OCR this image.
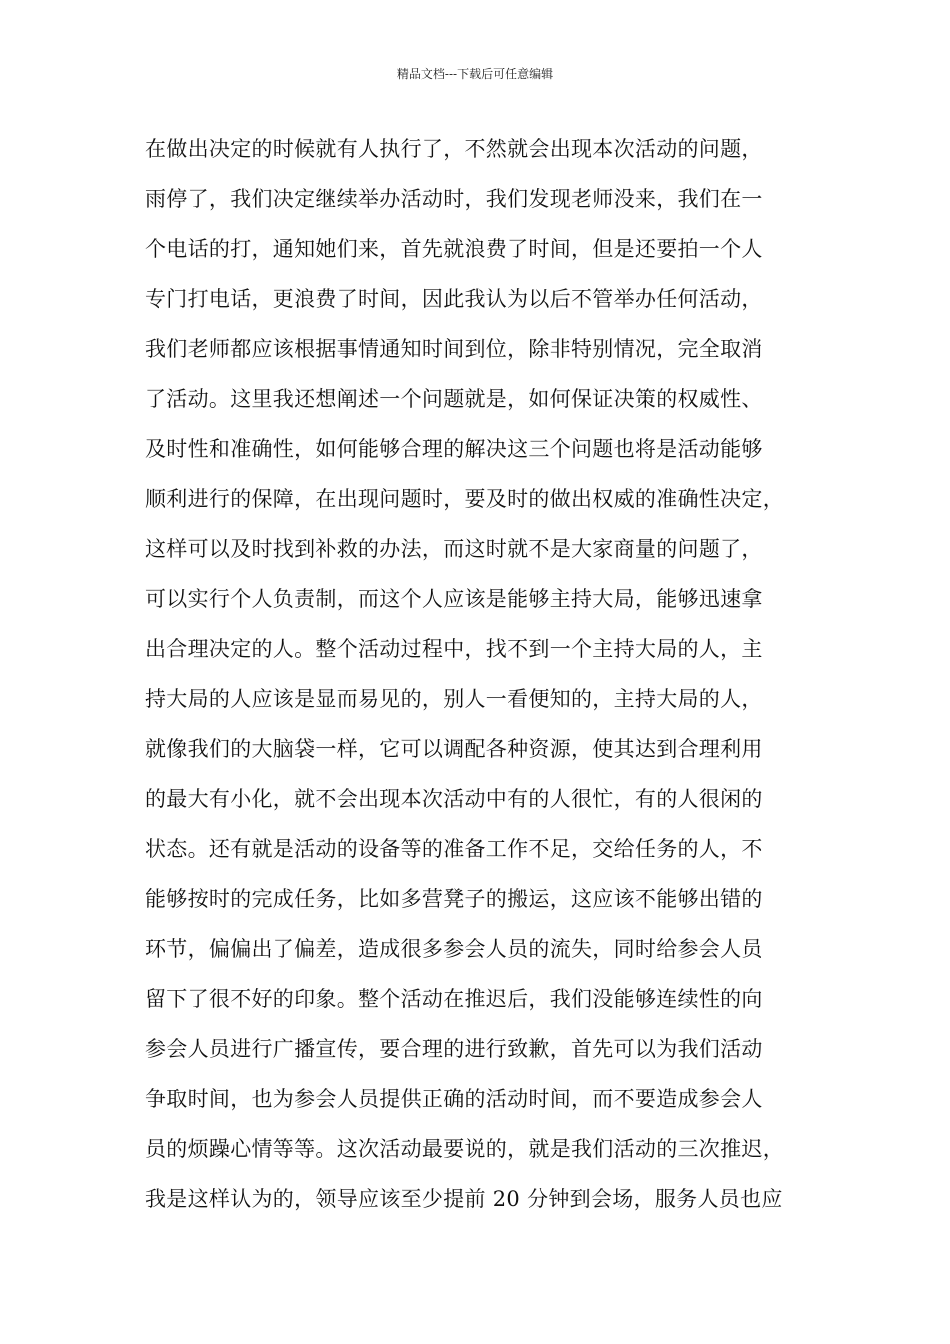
精品文档---下载后可任意编辑
在做出决定的时候就有人执行了，不然就会出现本次活动的问题，
雨停了，我们决定继续举办活动时，我们发现老师没来，我们在一
个电话的打，通知她们来，首先就浪费了时间，但是还要拍一个人
专门打电话，更浪费了时间，因此我认为以后不管举办任何活动，
我们老师都应该根据事情通知时间到位，除非特别情况，完全取消
了活动。这里我还想阐述一个问题就是，如何保证决策的权威性、
及时性和准确性，如何能够合理的解决这三个问题也将是活动能够
顺利进行的保障，在出现问题时，要及时的做出权威的准确性决定，
这样可以及时找到补救的办法，而这时就不是大家商量的问题了，
可以实行个人负责制，而这个人应该是能够主持大局，能够迅速拿
出合理决定的人。整个活动过程中，找不到一个主持大局的人，主
持大局的人应该是显而易见的，别人一看便知的，主持大局的人，
就像我们的大脑袋一样，它可以调配各种资源，使其达到合理利用
的最大有小化，就不会出现本次活动中有的人很忙，有的人很闲的
状态。还有就是活动的设备等的准备工作不足，交给任务的人，不
能够按时的完成任务，比如多营凳子的搬运，这应该不能够出错的
环节，偏偏出了偏差，造成很多参会人员的流失，同时给参会人员
留下了很不好的印象。整个活动在推迟后，我们没能够连续性的向
参会人员进行广播宣传，要合理的进行致歉，首先可以为我们活动
争取时间，也为参会人员提供正确的活动时间，而不要造成参会人
员的烦躁心情等等。这次活动最要说的，就是我们活动的三次推迟，
我是这样认为的，领导应该至少提前 20 分钟到会场，服务人员也应
